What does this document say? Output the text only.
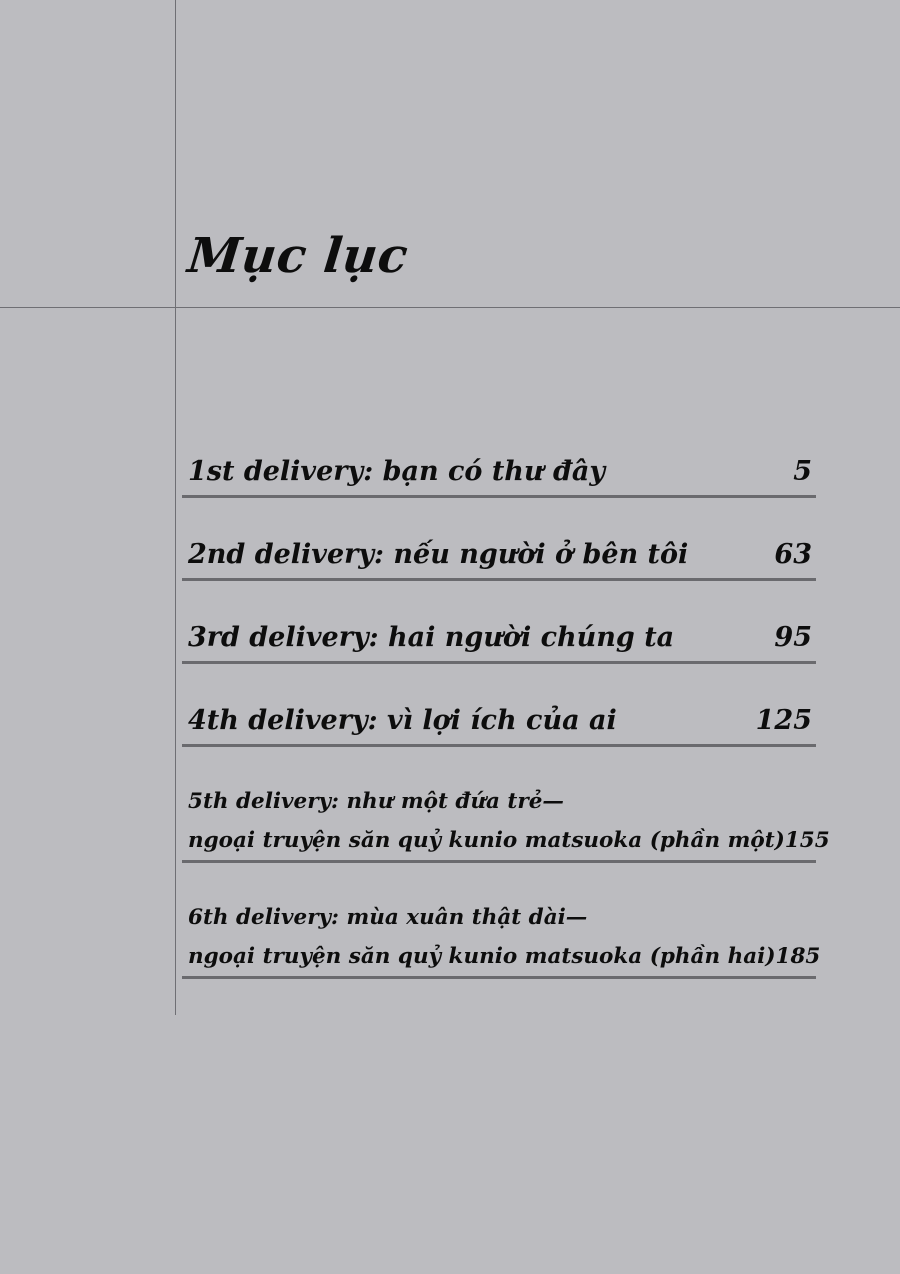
Mục lục
1st delivery: bạn có thư đây	5
2nd delivery: nếu người ở bên tôi	63
3rd delivery: hai người chúng ta	95
4th delivery: vì lợi ích của ai	125
5th delivery: như một đứa trẻ—
ngoại truyện săn quỷ kunio matsuoka (phần một) 155
6th delivery: mùa xuân thật dài—
ngoại truyện săn quỷ kunio matsuoka (phần hai) 185
